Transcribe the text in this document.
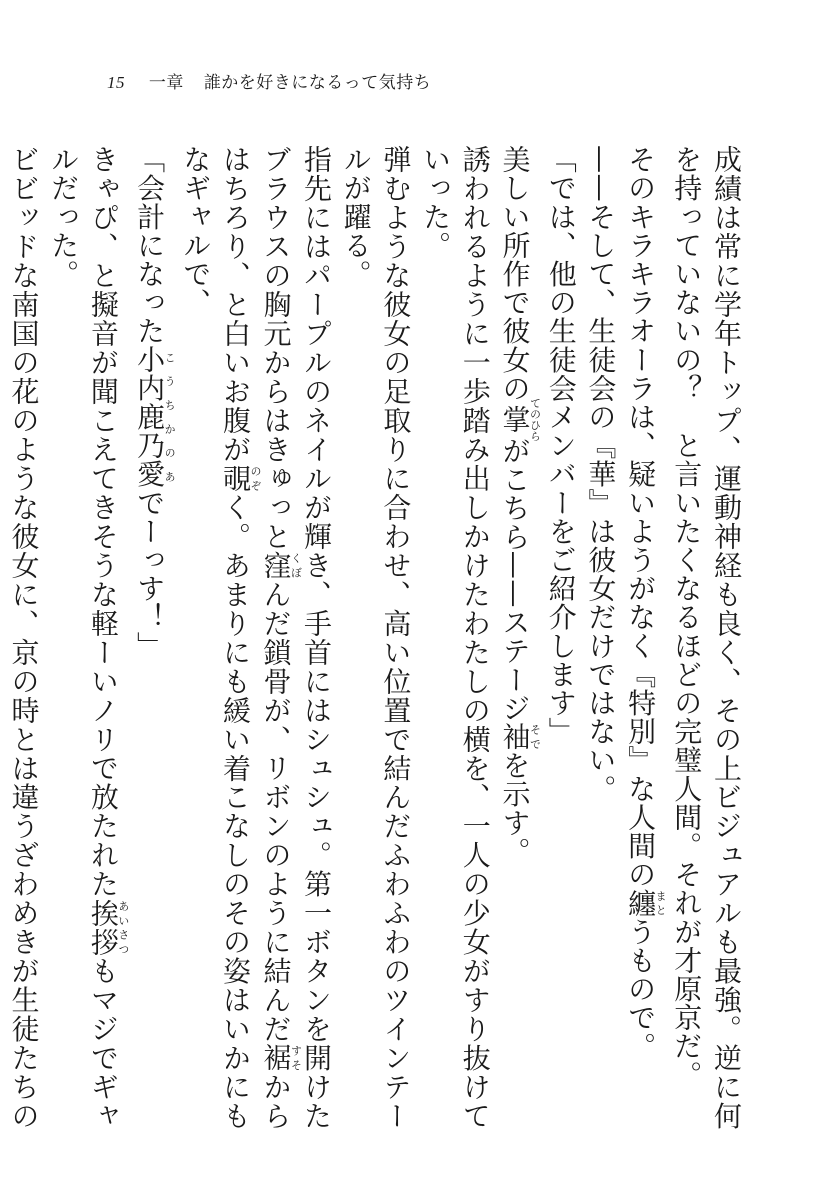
15 一章 誰かを好きになるって気持ち

成績は常に学年トップ、運動神経も良く、その上ビジュアルも最強。逆に何を持っていないの？　と言いたくなるほどの完璧人間。それが才原京だ。

そのキラキラオーラは、疑いようがなく『特別』な人間の纏まとうもので。

——そして、生徒会の『華』は彼女だけではない。

「では、他の生徒会メンバーをご紹介します」

美しい所作で彼女の掌てのひらがこちら——ステージ袖そでを示す。

誘われるように一歩踏み出しかけたわたしの横を、一人の少女がすり抜けていった。

弾むような彼女の足取りに合わせ、高い位置で結んだふわふわのツインテールが躍る。

指先にはパープルのネイルが輝き、手首にはシュシュ。第一ボタンを開けたブラウスの胸元からはきゅっと窪くぼんだ鎖骨が、リボンのように結んだ裾すそからはちろり、と白いお腹が覗のぞく。あまりにも緩い着こなしのその姿はいかにもなギャルで、

「会計になった小内鹿乃愛こうちかのあでーっす！」

きゃぴ、と擬音が聞こえてきそうな軽ーいノリで放たれた挨拶あいさつもマジでギャルだった。

ビビッドな南国の花のような彼女に、京の時とは違うざわめきが生徒たちの
